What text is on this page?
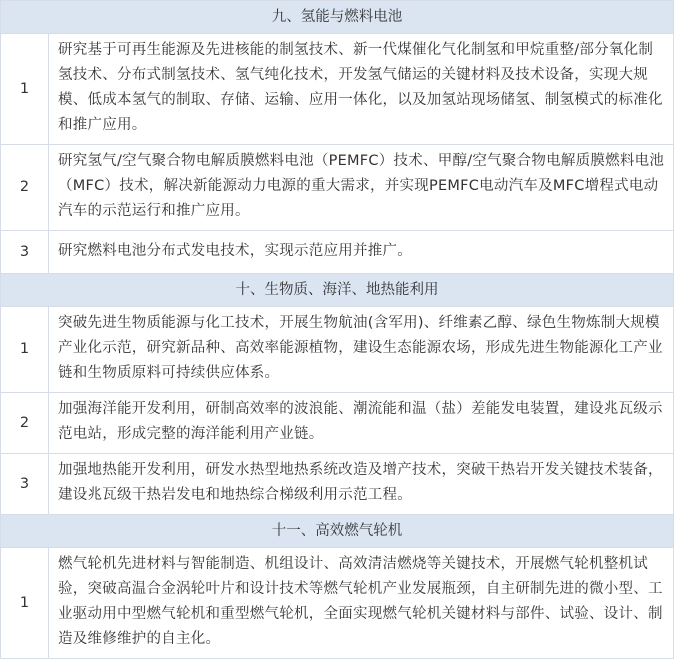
九、氢能与燃料电池	
1	研究基于可再生能源及先进核能的制氢技术、新一代煤催化气化制氢和甲烷重整/部分氧化制氢技术、分布式制氢技术、氢气纯化技术，开发氢气储运的关键材料及技术设备，实现大规模、低成本氢气的制取、存储、运输、应用一体化，以及加氢站现场储氢、制氢模式的标准化和推广应用。
2	研究氢气/空气聚合物电解质膜燃料电池（PEMFC）技术、甲醇/空气聚合物电解质膜燃料电池（MFC）技术，解决新能源动力电源的重大需求，并实现PEMFC电动汽车及MFC增程式电动汽车的示范运行和推广应用。
3	研究燃料电池分布式发电技术，实现示范应用并推广。
十、生物质、海洋、地热能利用	
1	突破先进生物质能源与化工技术，开展生物航油(含军用)、纤维素乙醇、绿色生物炼制大规模产业化示范，研究新品种、高效率能源植物，建设生态能源农场，形成先进生物能源化工产业链和生物质原料可持续供应体系。
2	加强海洋能开发利用，研制高效率的波浪能、潮流能和温（盐）差能发电装置，建设兆瓦级示范电站，形成完整的海洋能利用产业链。
3	加强地热能开发利用，研发水热型地热系统改造及增产技术，突破干热岩开发关键技术装备，建设兆瓦级干热岩发电和地热综合梯级利用示范工程。
十一、高效燃气轮机	
1	燃气轮机先进材料与智能制造、机组设计、高效清洁燃烧等关键技术，开展燃气轮机整机试验，突破高温合金涡轮叶片和设计技术等燃气轮机产业发展瓶颈，自主研制先进的微小型、工业驱动用中型燃气轮机和重型燃气轮机，全面实现燃气轮机关键材料与部件、试验、设计、制造及维修维护的自主化。
